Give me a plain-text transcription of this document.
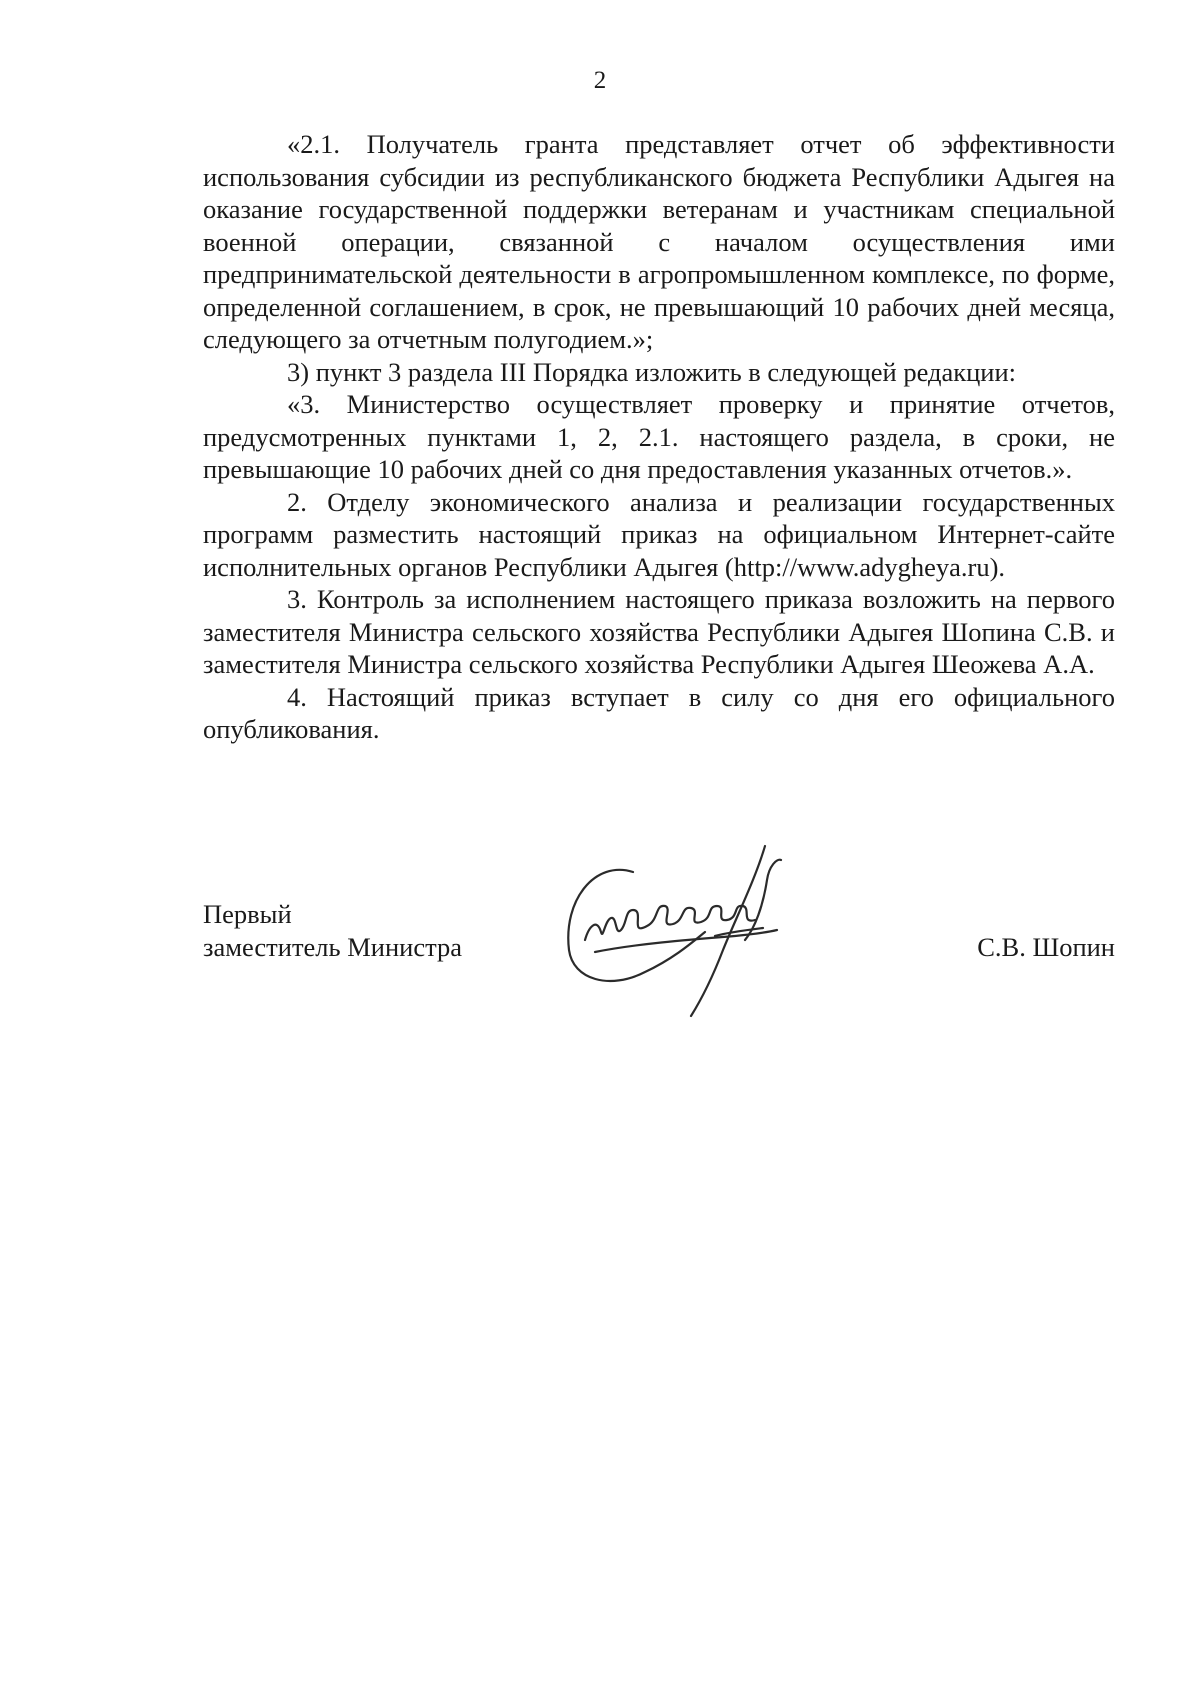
2

«2.1. Получатель гранта представляет отчет об эффективности использования субсидии из республиканского бюджета Республики Адыгея на оказание государственной поддержки ветеранам и участникам специальной военной операции, связанной с началом осуществления ими предпринимательской деятельности в агропромышленном комплексе, по форме, определенной соглашением, в срок, не превышающий 10 рабочих дней месяца, следующего за отчетным полугодием.»;

3) пункт 3 раздела III Порядка изложить в следующей редакции:

«3. Министерство осуществляет проверку и принятие отчетов, предусмотренных пунктами 1, 2, 2.1. настоящего раздела, в сроки, не превышающие 10 рабочих дней со дня предоставления указанных отчетов.».

2. Отделу экономического анализа и реализации государственных программ разместить настоящий приказ на официальном Интернет-сайте исполнительных органов Республики Адыгея (http://www.adygheya.ru).

3. Контроль за исполнением настоящего приказа возложить на первого заместителя Министра сельского хозяйства Республики Адыгея Шопина С.В. и заместителя Министра сельского хозяйства Республики Адыгея Шеожева А.А.

4. Настоящий приказ вступает в силу со дня его официального опубликования.

Первый
заместитель Министра	С.В. Шопин
